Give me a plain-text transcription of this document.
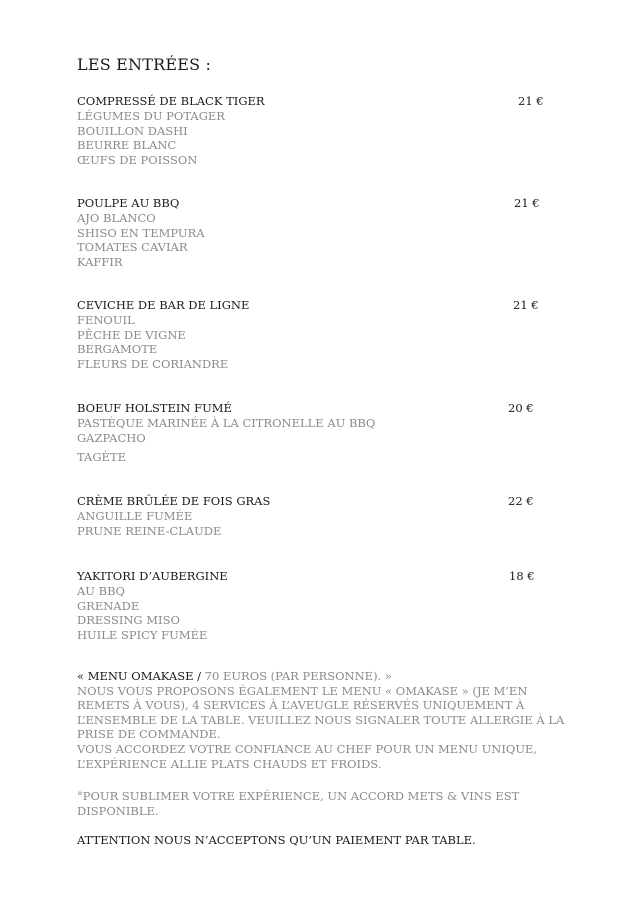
LES ENTRÉES :
COMPRESSÉ DE BLACK TIGER	21 €
LÉGUMES DU POTAGER
BOUILLON DASHI
BEURRE BLANC
ŒUFS DE POISSON
POULPE AU BBQ	21 €
AJO BLANCO
SHISO EN TEMPURA
TOMATES CAVIAR
KAFFIR
CEVICHE DE BAR DE LIGNE	21 €
FENOUIL
PÊCHE DE VIGNE
BERGAMOTE
FLEURS DE CORIANDRE
BOEUF HOLSTEIN FUMÉ	20 €
PASTÈQUE MARINÉE À LA CITRONELLE AU BBQ
GAZPACHO
TAGÈTE
CRÈME BRÛLÉE DE FOIS GRAS	22 €
ANGUILLE FUMÉE
PRUNE REINE-CLAUDE
YAKITORI D’AUBERGINE	18 €
AU BBQ
GRENADE
DRESSING MISO
HUILE SPICY FUMÉE
« MENU OMAKASE / 70 EUROS (PAR PERSONNE). »
NOUS VOUS PROPOSONS ÉGALEMENT LE MENU « OMAKASE » (JE M’EN REMETS À VOUS), 4 SERVICES À L’AVEUGLE RÉSERVÉS UNIQUEMENT À L’ENSEMBLE DE LA TABLE. VEUILLEZ NOUS SIGNALER TOUTE ALLERGIE À LA PRISE DE COMMANDE.
VOUS ACCORDEZ VOTRE CONFIANCE AU CHEF POUR UN MENU UNIQUE, L’EXPÉRIENCE ALLIE PLATS CHAUDS ET FROIDS.
°POUR SUBLIMER VOTRE EXPÉRIENCE, UN ACCORD METS & VINS EST DISPONIBLE.
ATTENTION NOUS N’ACCEPTONS QU’UN PAIEMENT PAR TABLE.
